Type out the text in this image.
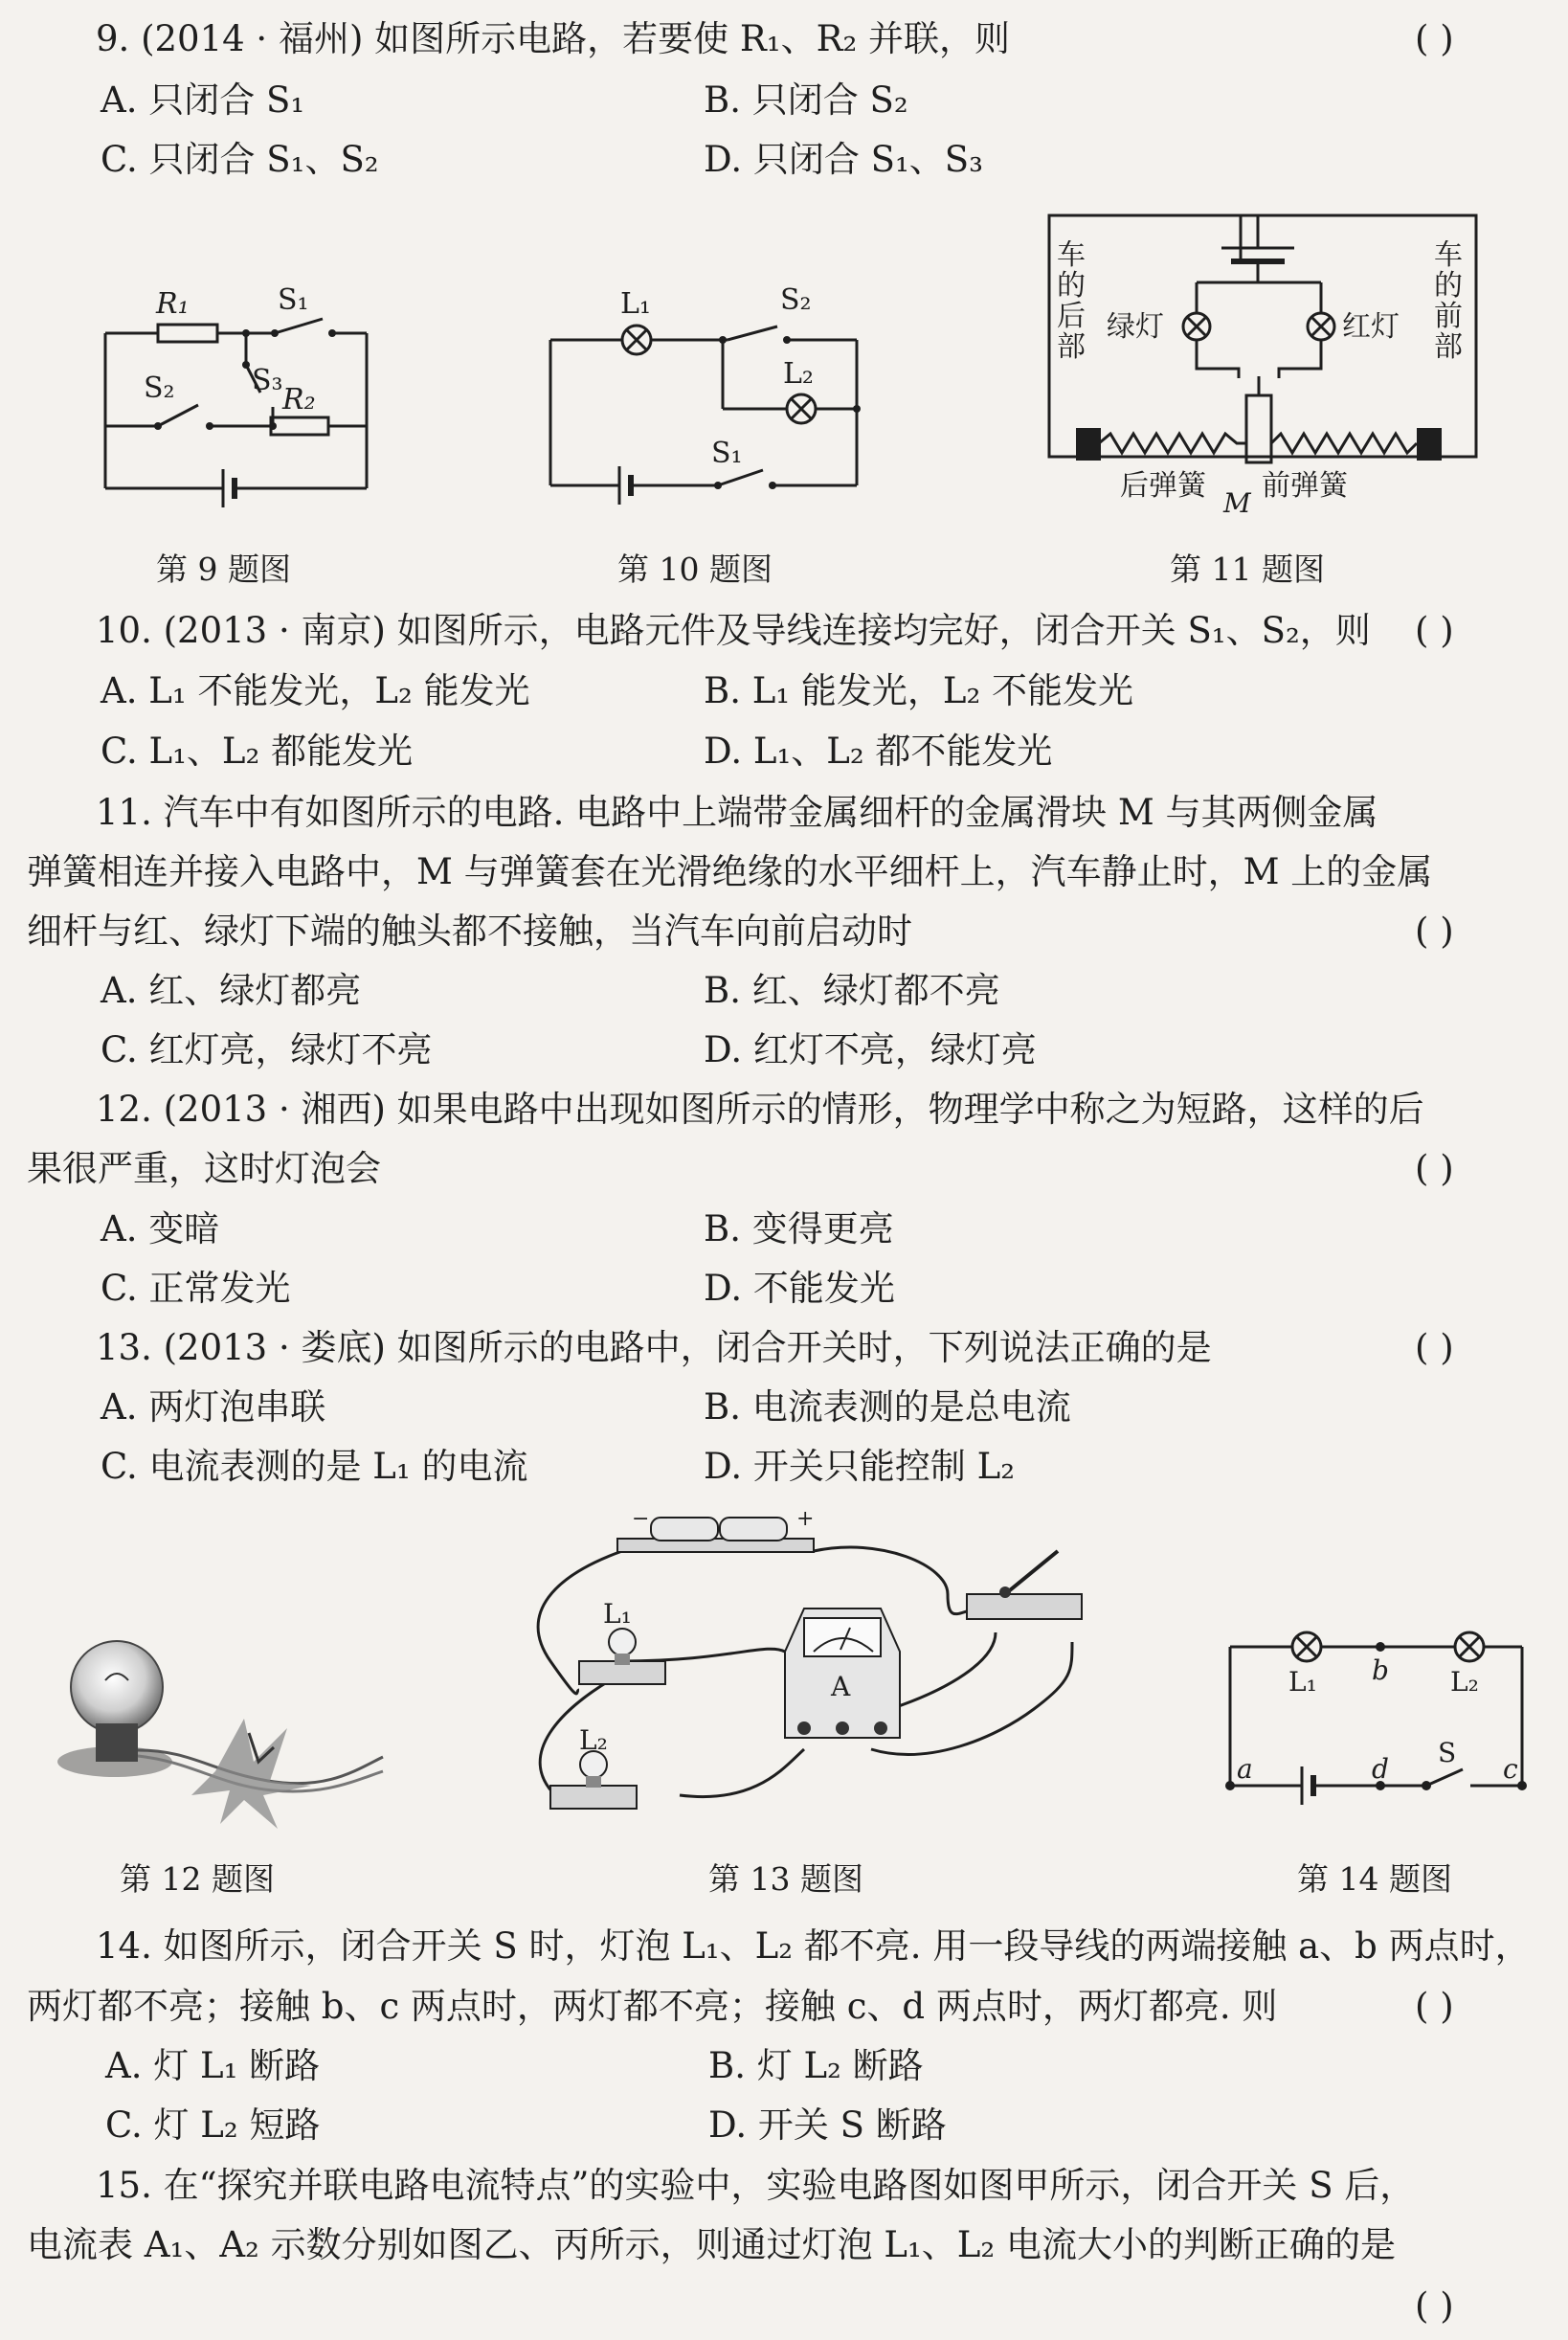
9. (2014 · 福州) 如图所示电路，若要使 R₁、R₂ 并联，则	( )
A. 只闭合 S₁	B. 只闭合 S₂
C. 只闭合 S₁、S₂	D. 只闭合 S₁、S₃
R₁	S₁
S₃
S₂	R₂
L₁	S₂
L₂
S₁
车的后部
车的前部
绿灯	红灯
后弹簧 前弹簧
M
第 9 题图	第 10 题图	第 11 题图
10. (2013 · 南京) 如图所示，电路元件及导线连接均完好，闭合开关 S₁、S₂，则 ( )
A. L₁ 不能发光，L₂ 能发光	B. L₁ 能发光，L₂ 不能发光
C. L₁、L₂ 都能发光	D. L₁、L₂ 都不能发光
11. 汽车中有如图所示的电路. 电路中上端带金属细杆的金属滑块 M 与其两侧金属
弹簧相连并接入电路中，M 与弹簧套在光滑绝缘的水平细杆上，汽车静止时，M 上的金属
细杆与红、绿灯下端的触头都不接触，当汽车向前启动时	( )
A. 红、绿灯都亮	B. 红、绿灯都不亮
C. 红灯亮，绿灯不亮	D. 红灯不亮，绿灯亮
12. (2013 · 湘西) 如果电路中出现如图所示的情形，物理学中称之为短路，这样的后
果很严重，这时灯泡会	( )
A. 变暗	B. 变得更亮
C. 正常发光	D. 不能发光
13. (2013 · 娄底) 如图所示的电路中，闭合开关时，下列说法正确的是	( )
A. 两灯泡串联	B. 电流表测的是总电流
C. 电流表测的是 L₁ 的电流	D. 开关只能控制 L₂
−	+
L₁
L₂
A	L₁ b L₂
a	d
S
c
第 12 题图	第 13 题图	第 14 题图
14. 如图所示，闭合开关 S 时，灯泡 L₁、L₂ 都不亮. 用一段导线的两端接触 a、b 两点时，
两灯都不亮；接触 b、c 两点时，两灯都不亮；接触 c、d 两点时，两灯都亮. 则	( )
A. 灯 L₁ 断路	B. 灯 L₂ 断路
C. 灯 L₂ 短路	D. 开关 S 断路
15. 在“探究并联电路电流特点”的实验中，实验电路图如图甲所示，闭合开关 S 后，
电流表 A₁、A₂ 示数分别如图乙、丙所示，则通过灯泡 L₁、L₂ 电流大小的判断正确的是
( )
